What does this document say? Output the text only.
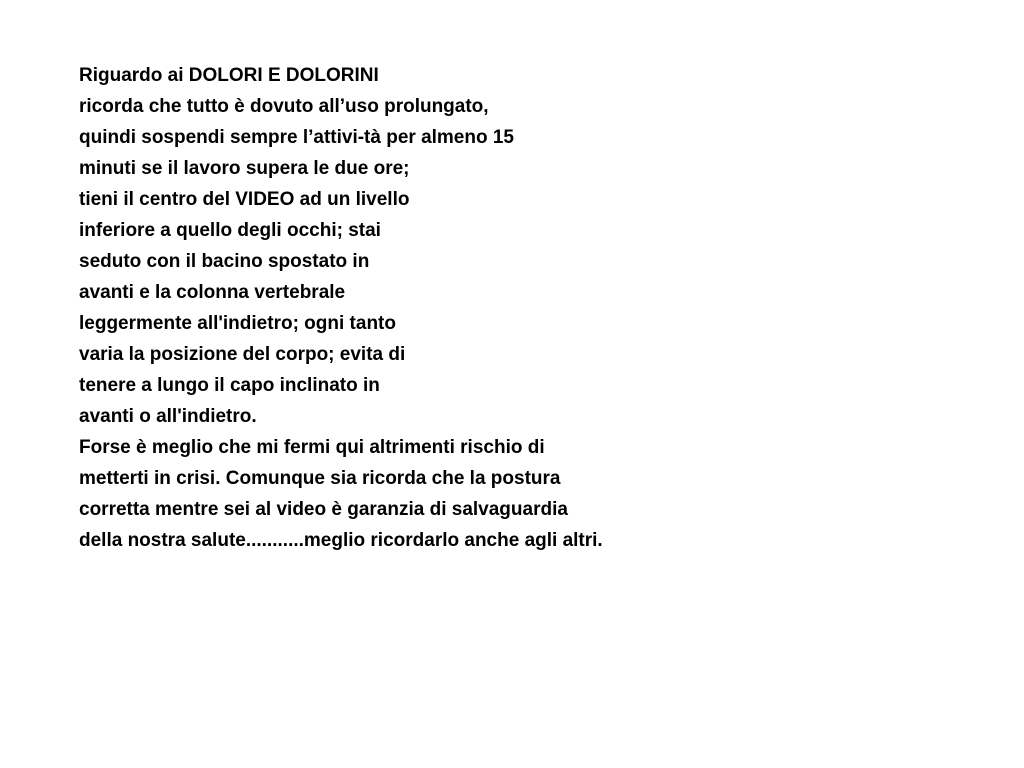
Riguardo ai DOLORI E DOLORINI
ricorda che tutto è dovuto all’uso prolungato,
quindi sospendi sempre l’attivi-tà per almeno 15
minuti se il lavoro supera le due ore;
tieni il centro del VIDEO ad un livello
inferiore a quello degli occhi; stai
seduto con il bacino spostato in
avanti e la colonna vertebrale
leggermente all'indietro; ogni tanto
varia la posizione del corpo; evita di
tenere a lungo il capo inclinato in
avanti o all'indietro.
Forse è meglio che mi fermi qui altrimenti rischio di
metterti in crisi. Comunque sia ricorda che la postura
corretta mentre sei al video è garanzia di salvaguardia
della nostra salute...........meglio ricordarlo anche agli altri.
